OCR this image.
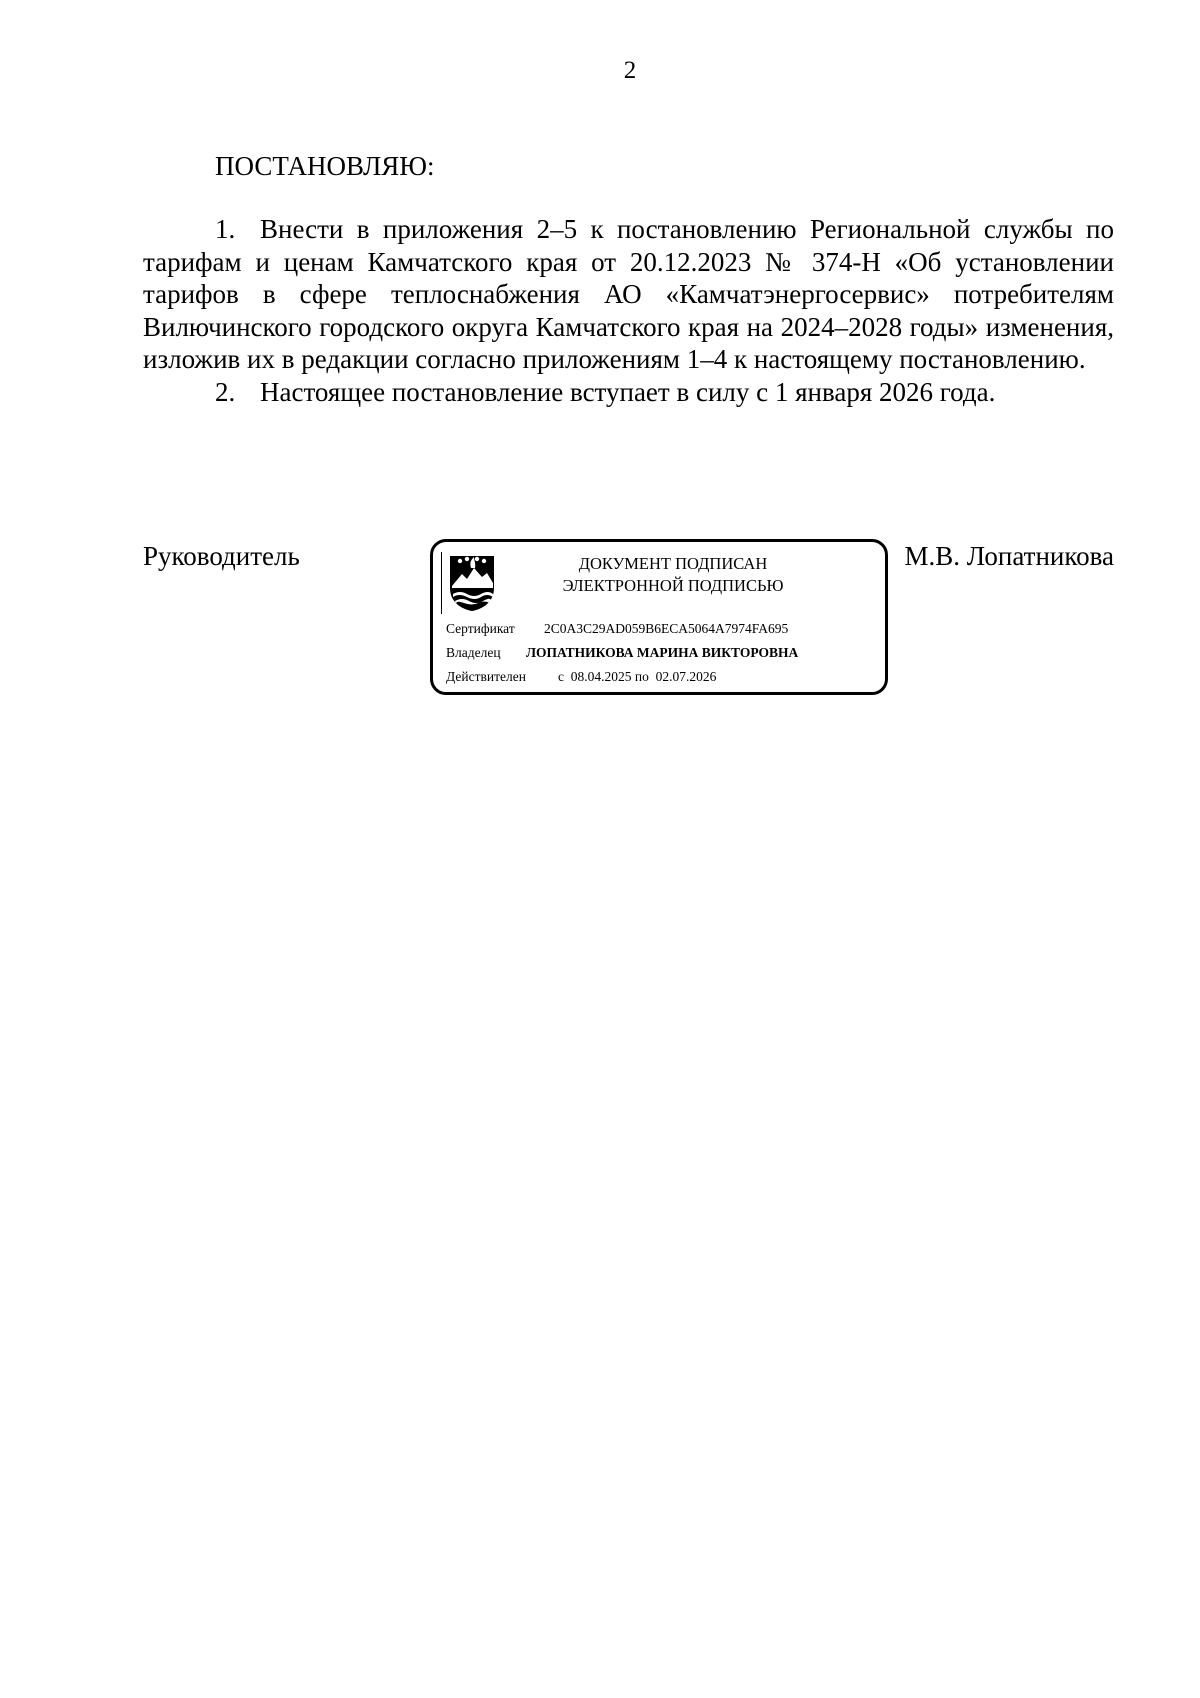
2
ПОСТАНОВЛЯЮ:

1. Внести в приложения 2–5 к постановлению Региональной службы по тарифам и ценам Камчатского края от 20.12.2023 № 374-Н «Об установлении тарифов в сфере теплоснабжения АО «Камчатэнергосервис» потребителям Вилючинского городского округа Камчатского края на 2024–2028 годы» изменения, изложив их в редакции согласно приложениям 1–4 к настоящему постановлению.

2. Настоящее постановление вступает в силу с 1 января 2026 года.

Руководитель	М.В. Лопатникова
ДОКУМЕНТ ПОДПИСАН
ЭЛЕКТРОННОЙ ПОДПИСЬЮ
Сертификат 2C0A3C29AD059B6ECA5064A7974FA695
Владелец ЛОПАТНИКОВА МАРИНА ВИКТОРОВНА
Действителен с  08.04.2025 по  02.07.2026
